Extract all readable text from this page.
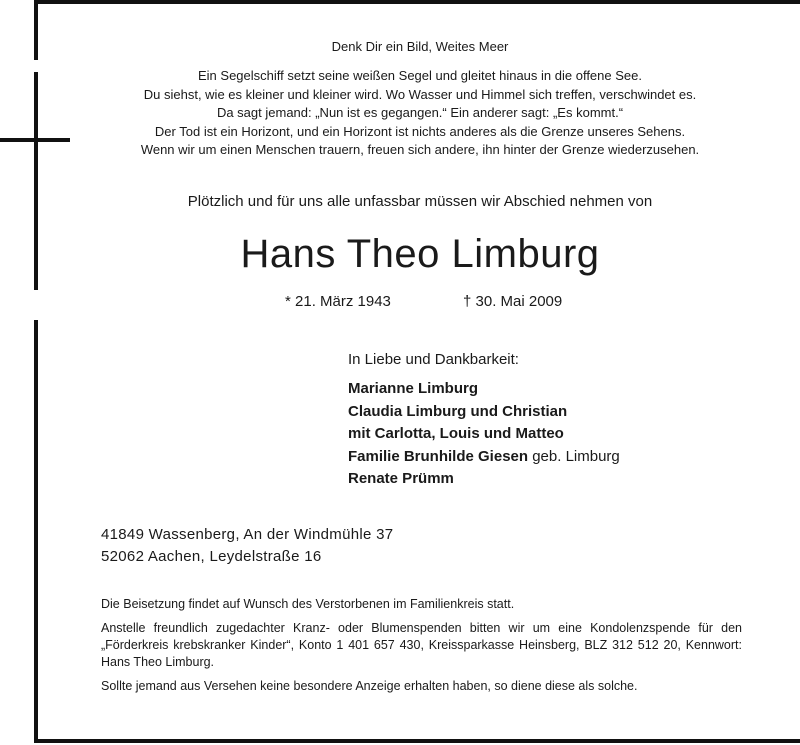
Denk Dir ein Bild, Weites Meer
Ein Segelschiff setzt seine weißen Segel und gleitet hinaus in die offene See.
Du siehst, wie es kleiner und kleiner wird. Wo Wasser und Himmel sich treffen, verschwindet es.
Da sagt jemand: „Nun ist es gegangen.“ Ein anderer sagt: „Es kommt.“
Der Tod ist ein Horizont, und ein Horizont ist nichts anderes als die Grenze unseres Sehens.
Wenn wir um einen Menschen trauern, freuen sich andere, ihn hinter der Grenze wiederzusehen.
Plötzlich und für uns alle unfassbar müssen wir Abschied nehmen von
Hans Theo Limburg
* 21. März 1943	† 30. Mai 2009
In Liebe und Dankbarkeit:
Marianne Limburg
Claudia Limburg und Christian
mit Carlotta, Louis und Matteo
Familie Brunhilde Giesen geb. Limburg
Renate Prümm
41849 Wassenberg, An der Windmühle 37
52062 Aachen, Leydelstraße 16

Die Beisetzung findet auf Wunsch des Verstorbenen im Familienkreis statt.

Anstelle freundlich zugedachter Kranz- oder Blumenspenden bitten wir um eine Kondolenzspende für den „Förderkreis krebskranker Kinder“, Konto 1 401 657 430, Kreissparkasse Heinsberg, BLZ 312 512 20, Kennwort: Hans Theo Limburg.

Sollte jemand aus Versehen keine besondere Anzeige erhalten haben, so diene diese als solche.
